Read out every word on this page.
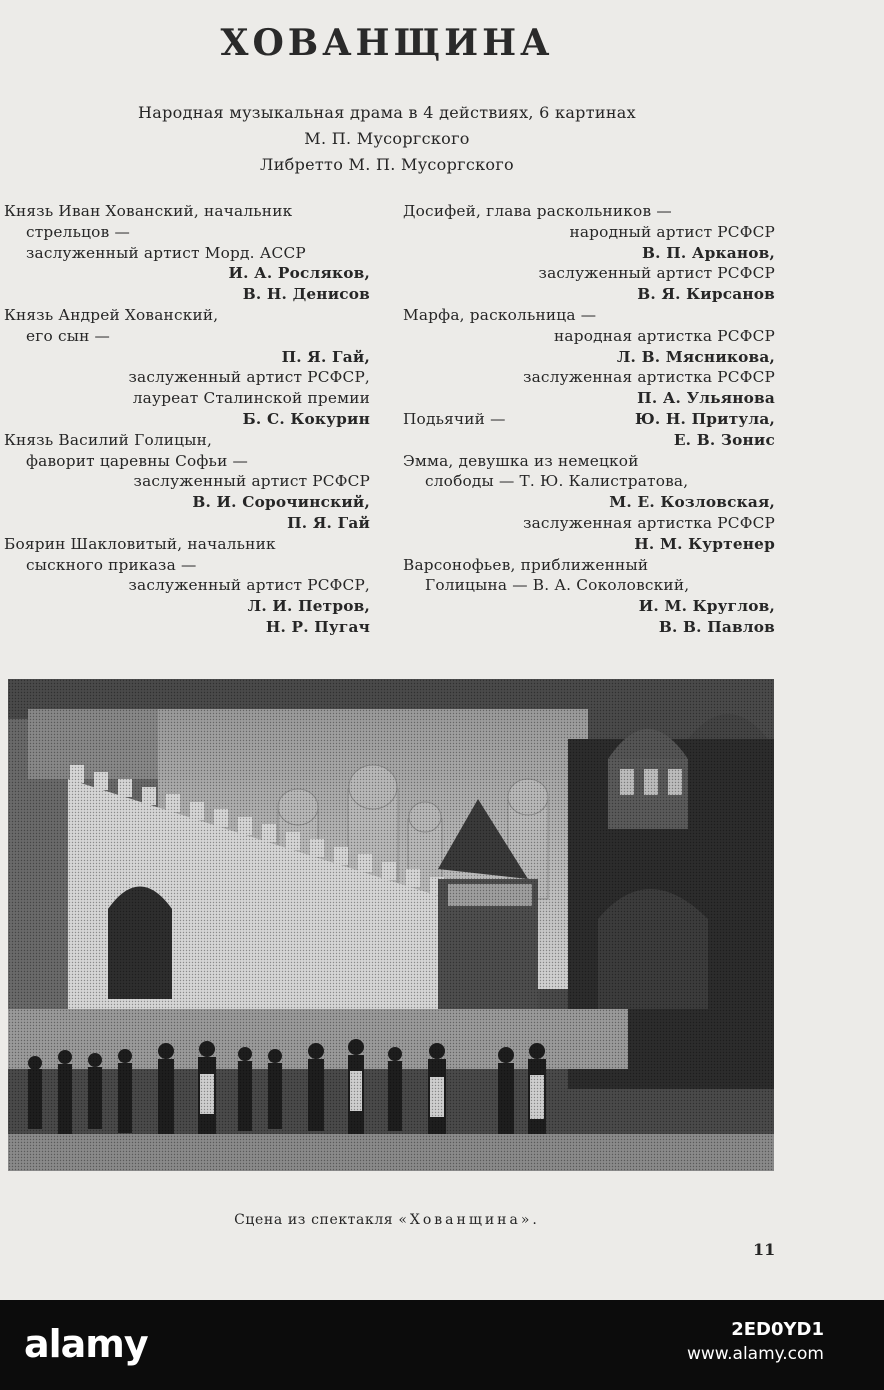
ХОВАНЩИНА

Народная музыкальная драма в 4 действиях, 6 картинах

М. П. Мусоргского

Либретто М. П. Мусоргского

Князь Иван Хованский, начальник
стрельцов —
заслуженный артист Морд. АССР
И. А. Росляков,
В. Н. Денисов
Князь Андрей Хованский,
его сын —
П. Я. Гай,
заслуженный артист РСФСР,
лауреат Сталинской премии
Б. С. Кокурин
Князь Василий Голицын,
фаворит царевны Софьи —
заслуженный артист РСФСР
В. И. Сорочинский,
П. Я. Гай
Боярин Шакловитый, начальник
сыскного приказа —
заслуженный артист РСФСР,
Л. И. Петров,
Н. Р. Пугач
Досифей, глава раскольников —
народный артист РСФСР
В. П. Арканов,
заслуженный артист РСФСР
В. Я. Кирсанов
Марфа, раскольница —
народная артистка РСФСР
Л. В. Мясникова,
заслуженная артистка РСФСР
П. А. Ульянова
Подьячий —	Ю. Н. Притула,
Е. В. Зонис
Эмма, девушка из немецкой
слободы — Т. Ю. Калистратова,
М. Е. Козловская,
заслуженная артистка РСФСР
Н. М. Куртенер
Варсонофьев, приближенный
Голицына — В. А. Соколовский,
И. М. Круглов,
В. В. Павлов

Сцена из спектакля «Хованщина».

11
alamy	2ED0YD1
www.alamy.com
